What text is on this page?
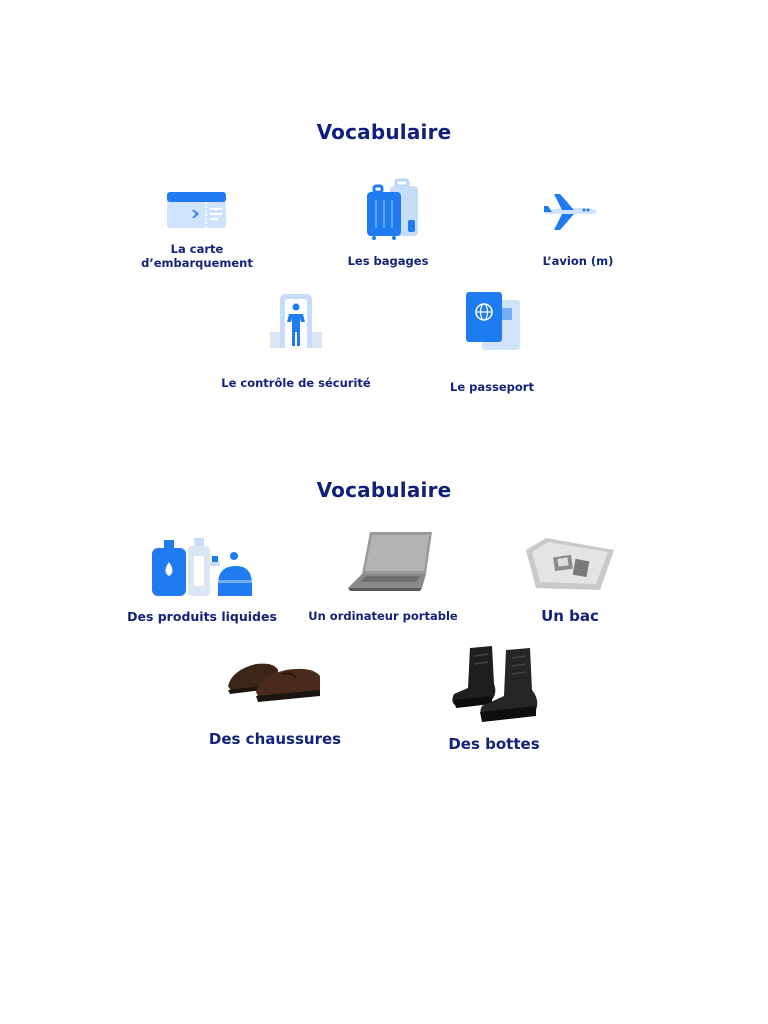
Vocabulaire
La carte
d’embarquement	Les bagages	L’avion (m)
Le contrôle de sécurité	Le passeport
Vocabulaire
Des produits liquides	Un ordinateur portable	Un bac
Des chaussures	Des bottes
